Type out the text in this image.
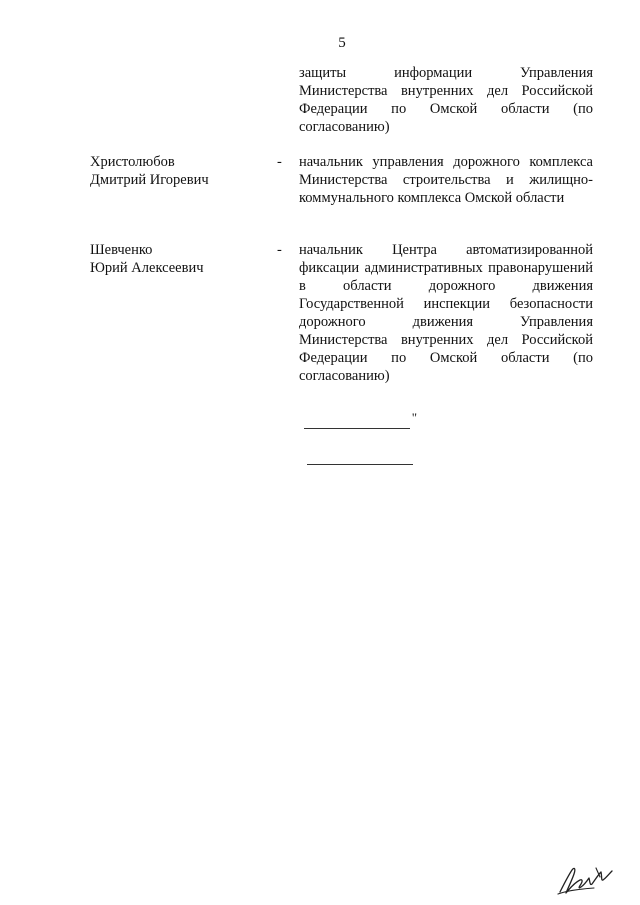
5
защиты информации Управления Министерства внутренних дел Российской Федерации по Омской области (по согласованию)
Христолюбов
Дмитрий Игоревич
- начальник управления дорожного комплекса Министерства строительства и жилищно-коммунального комплекса Омской области
Шевченко
Юрий Алексеевич
- начальник Центра автоматизированной фиксации административных правонарушений в области дорожного движения Государственной инспекции безопасности дорожного движения Управления Министерства внутренних дел Российской Федерации по Омской области (по согласованию)
"
